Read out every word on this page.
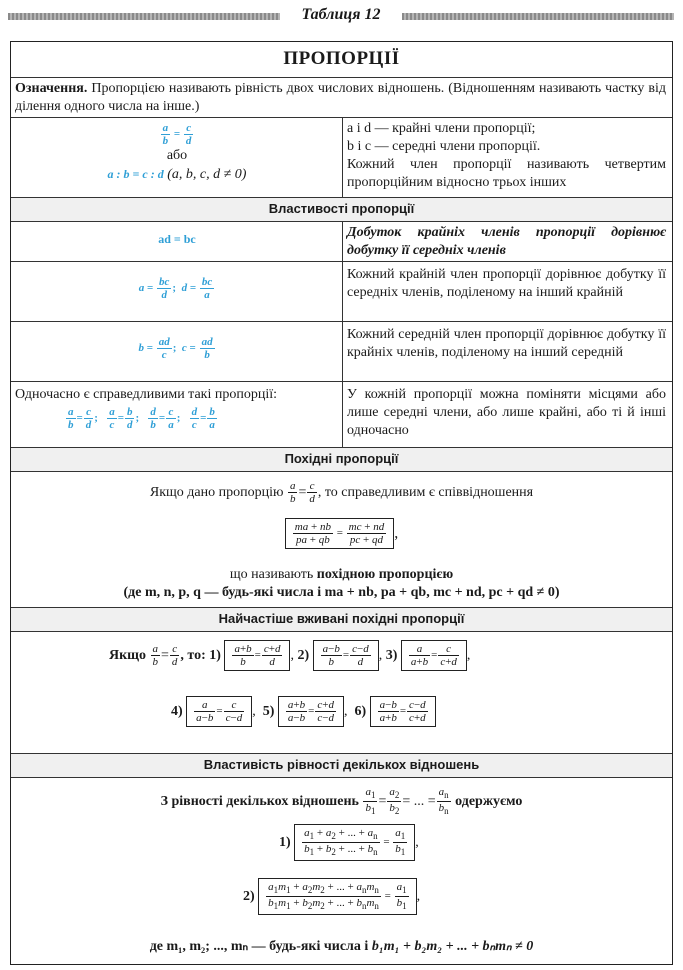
Таблиця 12
ПРОПОРЦІЇ
Означення. Пропорцією називають рівність двох числових відношень. (Відношенням називають частку від ділення одного числа на інше.)
$\frac{a}{b} = \frac{c}{d}$
або
a : b = c : d (a, b, c, d ≠ 0)
a і d — крайні члени пропорції;
b і c — середні члени пропорції.
Кожний член пропорції називають четвертим пропорційним відносно трьох інших
Властивості пропорції
ad = bc	Добуток крайніх членів пропорції дорівнює добутку її середніх членів
$a = \frac{bc}{d}$ ;  $d = \frac{bc}{a}$
Кожний крайній член пропорції дорівнює добутку її середніх членів, поділеному на інший крайній
$b = \frac{ad}{c}$ ;  $c = \frac{ad}{b}$
Кожний середній член пропорції дорівнює добутку її крайніх членів, поділеному на інший середній
Одночасно є справедливими такі пропорції:
$\frac{a}{b} = \frac{c}{d}$ ; $\frac{a}{c} = \frac{b}{d}$ ; $\frac{d}{b} = \frac{c}{a}$ ; $\frac{d}{c} = \frac{b}{a}$
У кожній пропорції можна поміняти місцями або лише середні члени, або лише крайні, або ті й інші одночасно
Похідні пропорції
Якщо дано пропорцію $\frac{a}{b} = \frac{c}{d}$ , то справедливим є співвідношення
$\frac{ma + nb}{pa + qb} = \frac{mc + nd}{pc + qd}$ ,
що називають похідною пропорцією
(де m, n, p, q — будь-які числа і ma + nb, pa + qb, mc + nd, pc + qd ≠ 0)
Найчастіше вживані похідні пропорції
Якщо $\frac{a}{b} = \frac{c}{d}$ , то: $1) \frac{a+b}{b} = \frac{c+d}{d}$ , $2) \frac{a-b}{b} = \frac{c-d}{d}$ , $3) \frac{a}{a+b} = \frac{c}{c+d}$ ,
$4) \frac{a}{a-b} = \frac{c}{c-d}$ ,  $5) \frac{a+b}{a-b} = \frac{c+d}{c-d}$ ,  $6) \frac{a-b}{a+b} = \frac{c-d}{c+d}$
Властивість рівності декількох відношень
З рівності декількох відношень $\frac{a_1}{b_1} = \frac{a_2}{b_2}$ = ... = $\frac{a_n}{b_n}$ одержуємо
$1) \frac{a_1 + a_2 + ... + a_n}{b_1 + b_2 + ... + b_n} = \frac{a_1}{b_1}$ ,
$2) \frac{a_1m_1 + a_2m_2 + ... + a_nm_n}{b_1m_1 + b_2m_2 + ... + b_nm_n} = \frac{a_1}{b_1}$ ,
де m₁, m₂; ..., mₙ — будь-які числа і b₁m₁ + b₂m₂ + ... + bₙmₙ ≠ 0
